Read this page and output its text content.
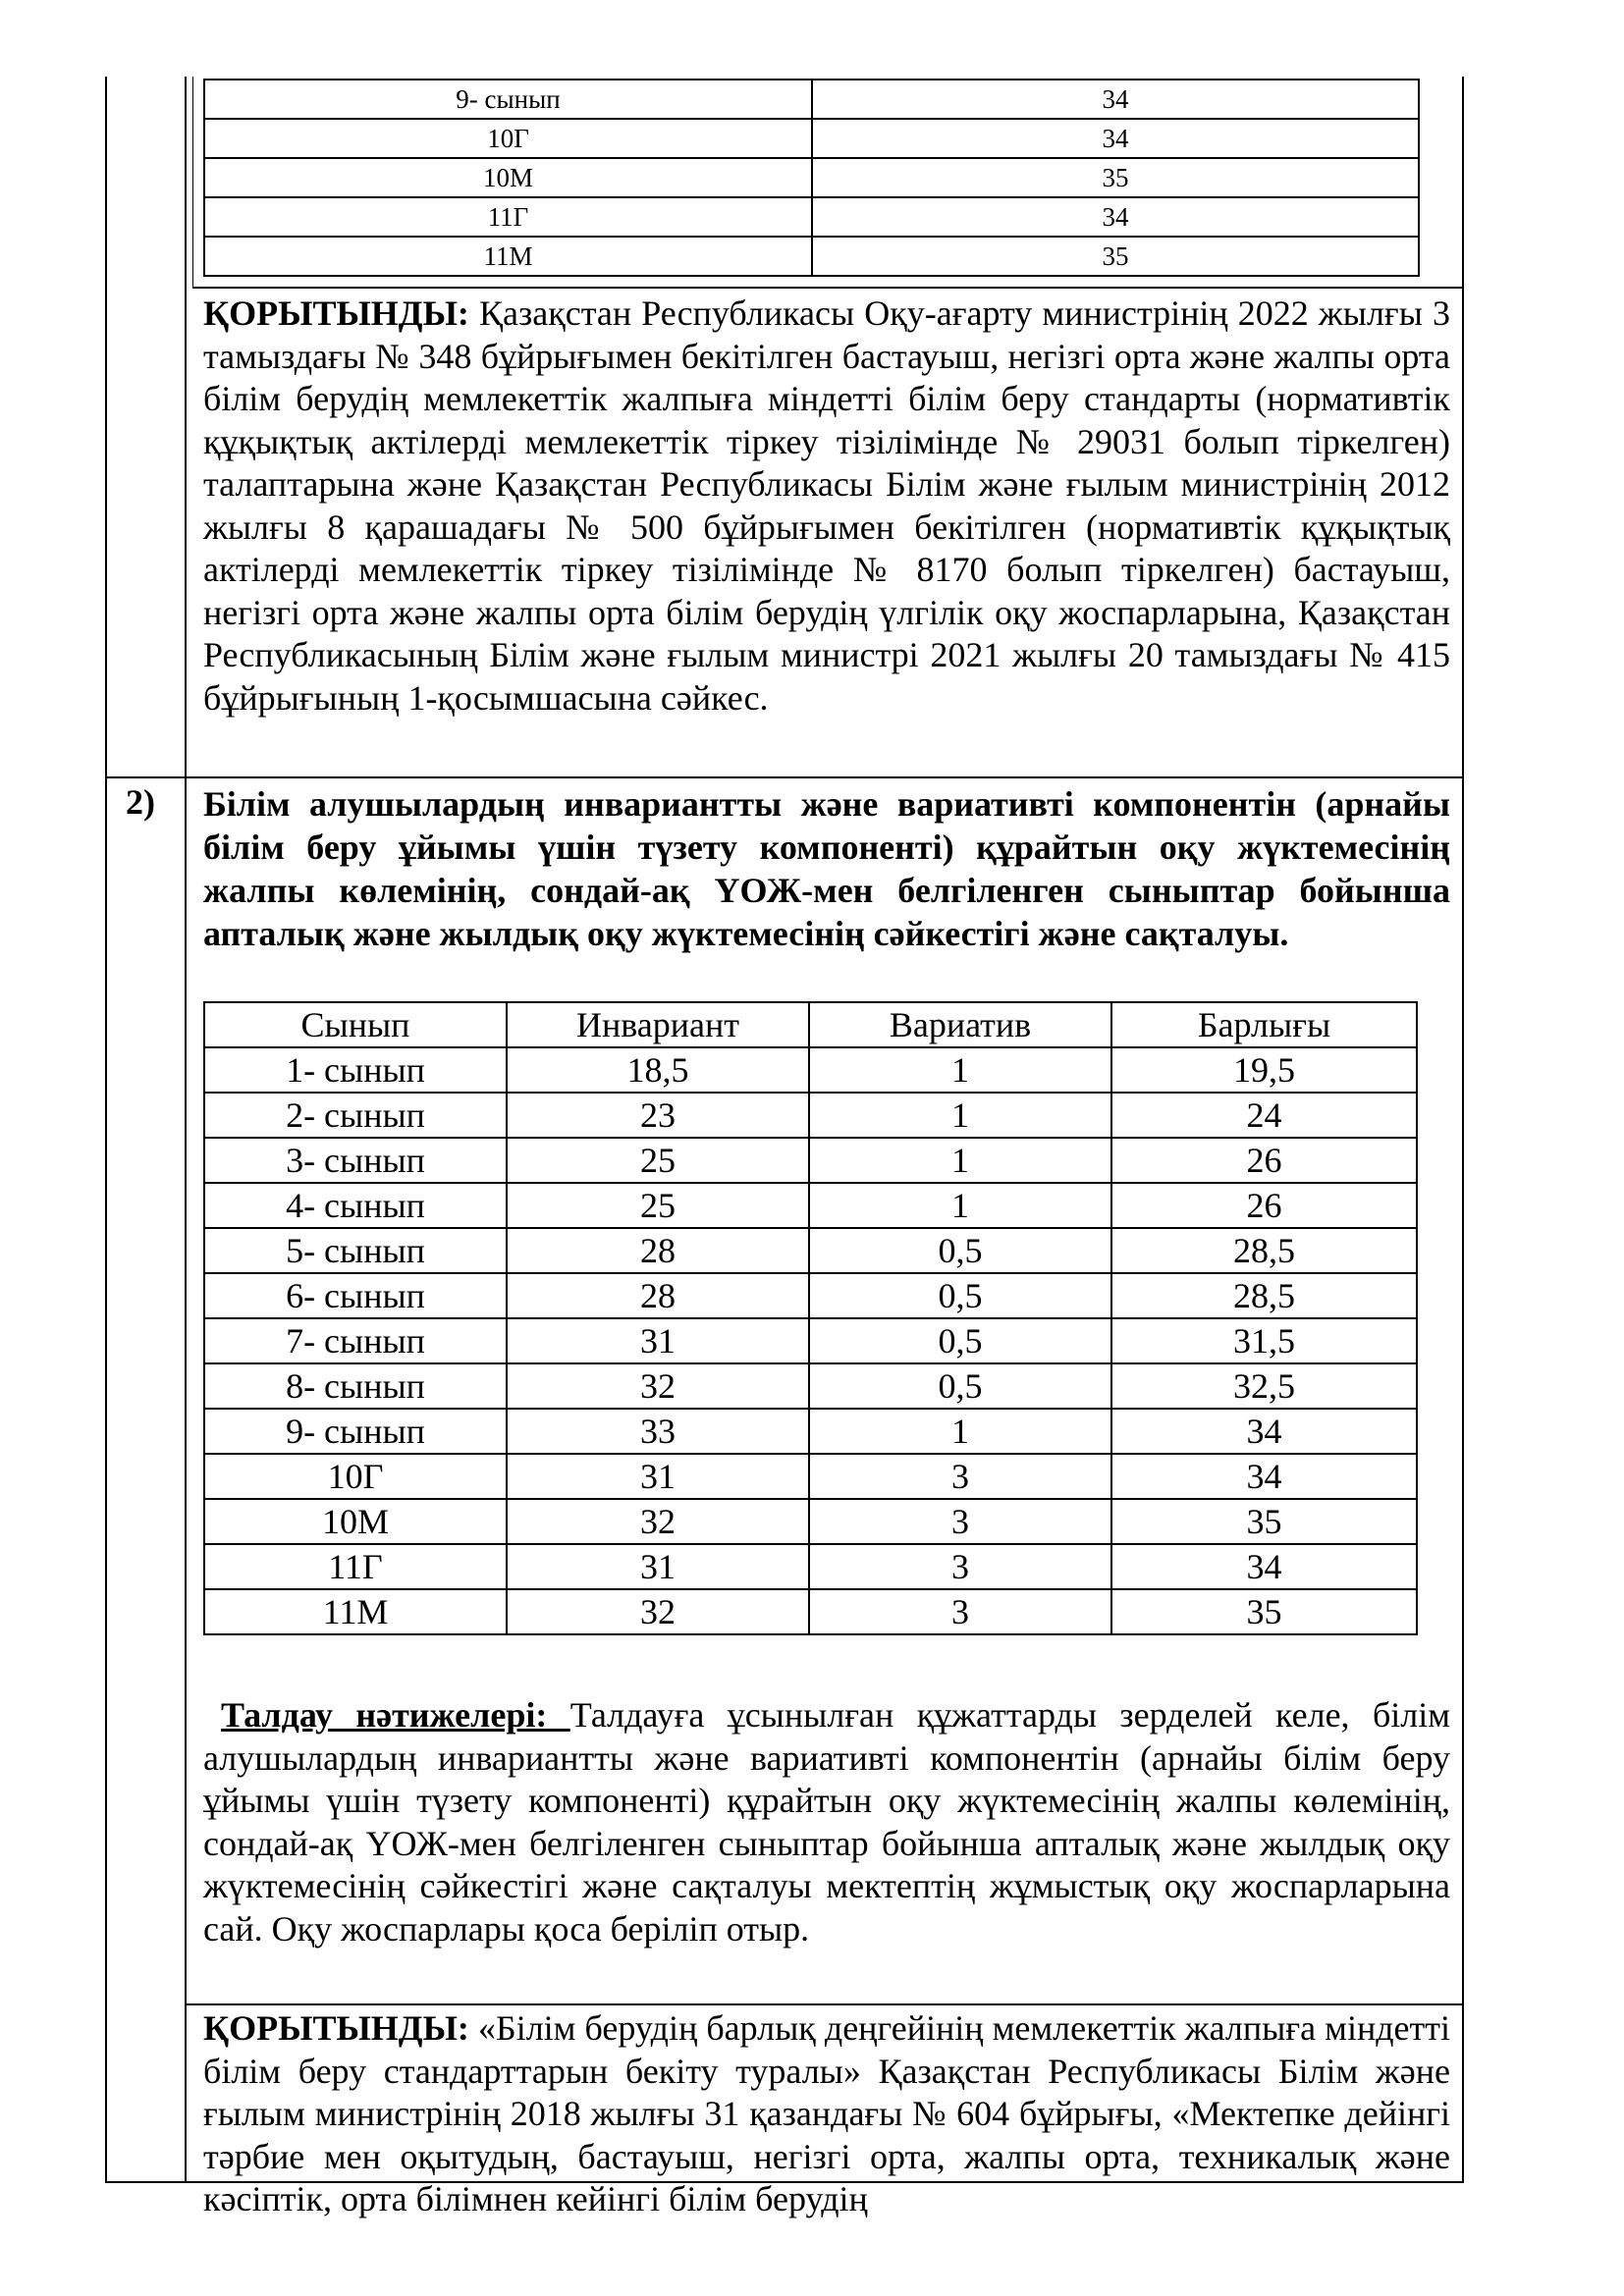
9- сынып	34
10Г	34
10М	35
11Г	34
11М	35
ҚОРЫТЫНДЫ: Қазақстан Республикасы Оқу-ағарту министрінің 2022 жылғы 3 тамыздағы № 348 бұйрығымен бекітілген бастауыш, негізгі орта және жалпы орта білім берудің мемлекеттік жалпыға міндетті білім беру стандарты (нормативтік құқықтық актілерді мемлекеттік тіркеу тізілімінде № 29031 болып тіркелген) талаптарына және Қазақстан Республикасы Білім және ғылым министрінің 2012 жылғы 8 қарашадағы № 500 бұйрығымен бекітілген (нормативтік құқықтық актілерді мемлекеттік тіркеу тізілімінде № 8170 болып тіркелген) бастауыш, негізгі орта және жалпы орта білім берудің үлгілік оқу жоспарларына, Қазақстан Республикасының Білім және ғылым министрі 2021 жылғы 20 тамыздағы № 415 бұйрығының 1-қосымшасына сәйкес.
2) Білім алушылардың инвариантты және вариативті компонентін (арнайы білім беру ұйымы үшін түзету компоненті) құрайтын оқу жүктемесінің жалпы көлемінің, сондай-ақ ҮОЖ-мен белгіленген сыныптар бойынша апталық және жылдық оқу жүктемесінің сәйкестігі және сақталуы.
Сынып	Инвариант	Вариатив	Барлығы
1- сынып	18,5	1	19,5
2- сынып	23	1	24
3- сынып	25	1	26
4- сынып	25	1	26
5- сынып	28	0,5	28,5
6- сынып	28	0,5	28,5
7- сынып	31	0,5	31,5
8- сынып	32	0,5	32,5
9- сынып	33	1	34
10Г	31	3	34
10М	32	3	35
11Г	31	3	34
11М	32	3	35
Талдау нәтижелері: Талдауға ұсынылған құжаттарды зерделей келе, білім алушылардың инвариантты және вариативті компонентін (арнайы білім беру ұйымы үшін түзету компоненті) құрайтын оқу жүктемесінің жалпы көлемінің, сондай-ақ ҮОЖ-мен белгіленген сыныптар бойынша апталық және жылдық оқу жүктемесінің сәйкестігі және сақталуы мектептің жұмыстық оқу жоспарларына сай. Оқу жоспарлары қоса беріліп отыр.
ҚОРЫТЫНДЫ: «Білім берудің барлық деңгейінің мемлекеттік жалпыға міндетті білім беру стандарттарын бекіту туралы» Қазақстан Республикасы Білім және ғылым министрінің 2018 жылғы 31 қазандағы № 604 бұйрығы, «Мектепке дейінгі тәрбие мен оқытудың, бастауыш, негізгі орта, жалпы орта, техникалық және кәсіптік, орта білімнен кейінгі білім берудің
